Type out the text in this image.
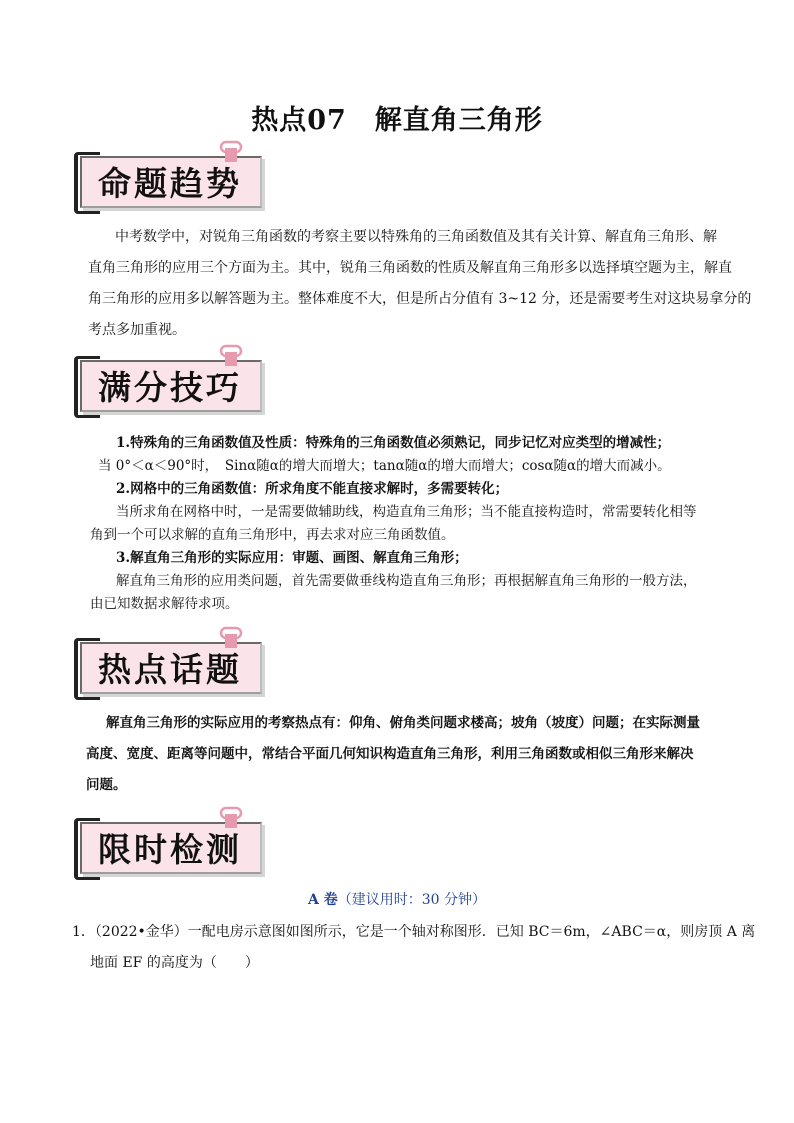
热点07　解直角三角形
命题趋势
中考数学中，对锐角三角函数的考察主要以特殊角的三角函数值及其有关计算、解直角三角形、解
直角三角形的应用三个方面为主。其中，锐角三角函数的性质及解直角三角形多以选择填空题为主，解直
角三角形的应用多以解答题为主。整体难度不大，但是所占分值有 3~12 分，还是需要考生对这块易拿分的
考点多加重视。
满分技巧
1.特殊角的三角函数值及性质：特殊角的三角函数值必须熟记，同步记忆对应类型的增减性；
当 0°＜α＜90°时，　Sinα随α的增大而增大；tanα随α的增大而增大；cosα随α的增大而减小。
2.网格中的三角函数值：所求角度不能直接求解时，多需要转化；
当所求角在网格中时，一是需要做辅助线，构造直角三角形；当不能直接构造时，常需要转化相等
角到一个可以求解的直角三角形中，再去求对应三角函数值。
3.解直角三角形的实际应用：审题、画图、解直角三角形；
解直角三角形的应用类问题，首先需要做垂线构造直角三角形；再根据解直角三角形的一般方法，
由已知数据求解待求项。
热点话题
解直角三角形的实际应用的考察热点有：仰角、俯角类问题求楼高；坡角（坡度）问题；在实际测量
高度、宽度、距离等问题中，常结合平面几何知识构造直角三角形，利用三角函数或相似三角形来解决
问题。
限时检测
A 卷（建议用时：30 分钟）
1．（2022•金华）一配电房示意图如图所示，它是一个轴对称图形．已知 BC＝6m，∠ABC＝α，则房顶 A 离
地面 EF 的高度为（　　）
